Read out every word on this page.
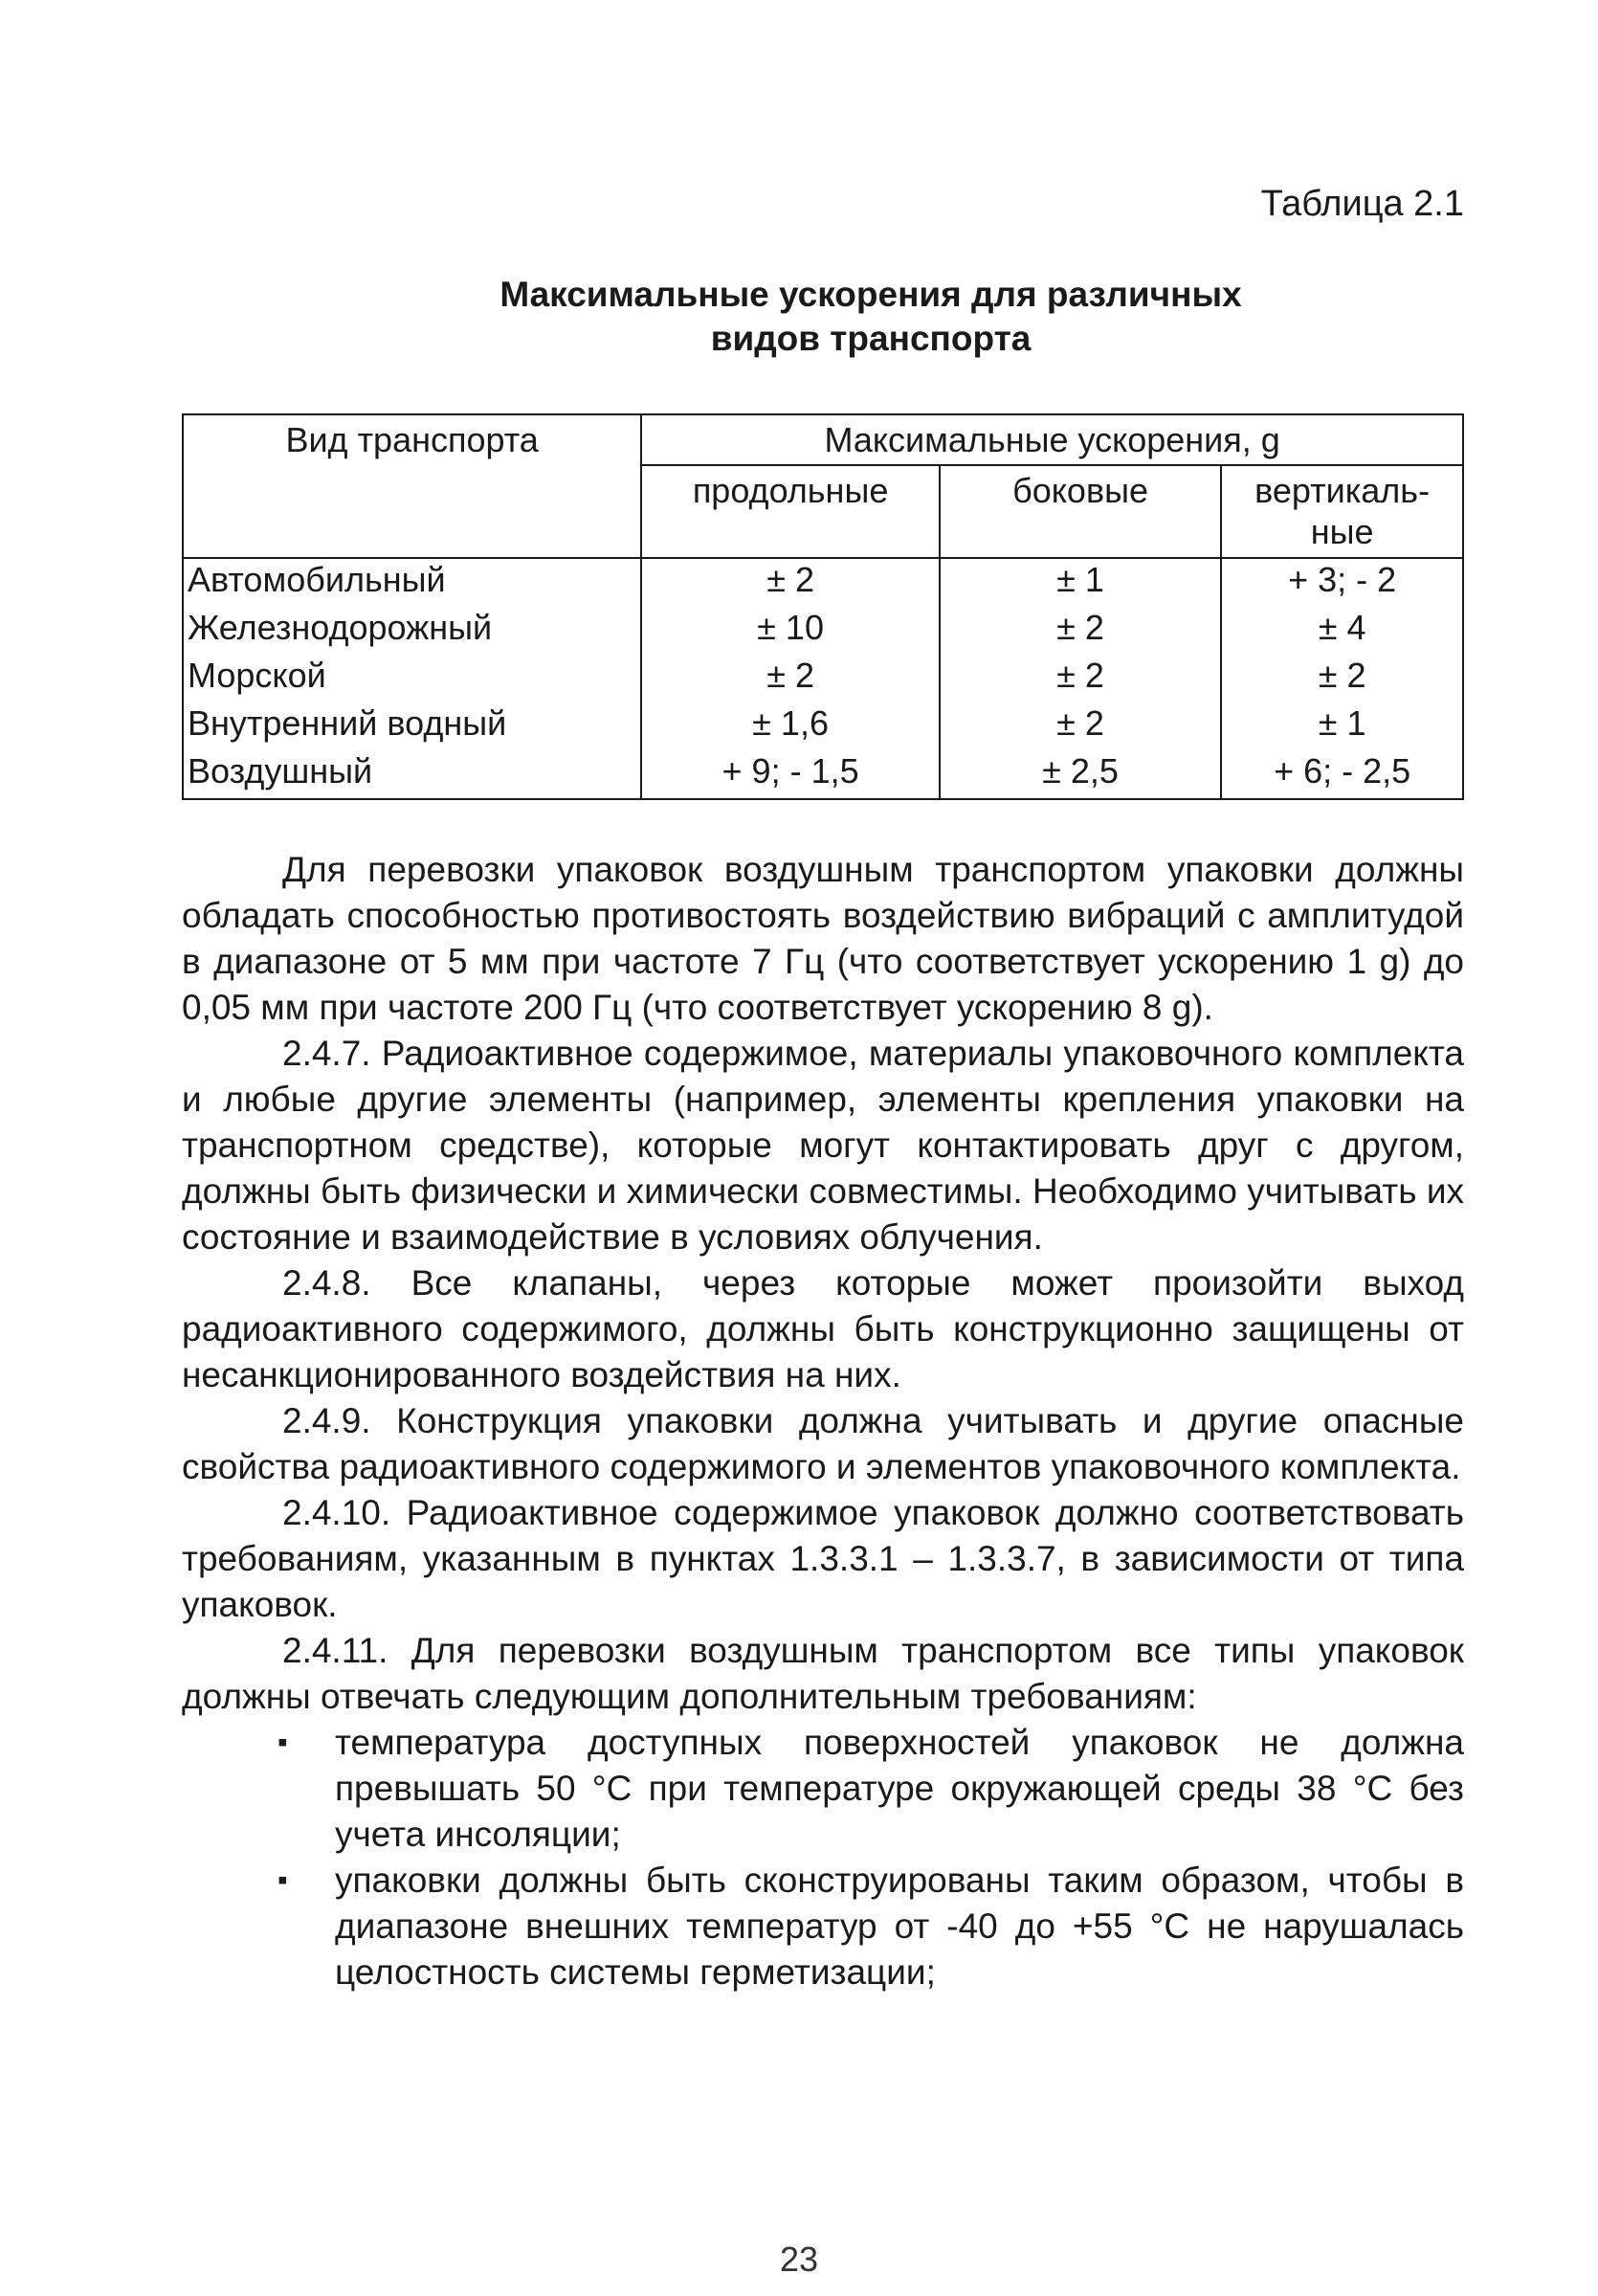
Таблица 2.1

Максимальные ускорения для различных
видов транспорта
Вид транспорта	Максимальные ускорения, g		
	продольные	боковые	вертикаль-ные
Автомобильный	± 2	± 1	+ 3; - 2
Железнодорожный	± 10	± 2	± 4
Морской	± 2	± 2	± 2
Внутренний водный	± 1,6	± 2	± 1
Воздушный	+ 9; - 1,5	± 2,5	+ 6; - 2,5

Для перевозки упаковок воздушным транспортом упаковки должны обладать способностью противостоять воздействию вибраций с амплитудой в диапазоне от 5 мм при частоте 7 Гц (что соответствует ускорению 1 g) до 0,05 мм при частоте 200 Гц (что соответствует ускорению 8 g).

2.4.7. Радиоактивное содержимое, материалы упаковочного комплекта и любые другие элементы (например, элементы крепления упаковки на транспортном средстве), которые могут контактировать друг с другом, должны быть физически и химически совместимы. Необходимо учитывать их состояние и взаимодействие в условиях облучения.

2.4.8. Все клапаны, через которые может произойти выход радиоактивного содержимого, должны быть конструкционно защищены от несанкционированного воздействия на них.

2.4.9. Конструкция упаковки должна учитывать и другие опасные свойства радиоактивного содержимого и элементов упаковочного комплекта.

2.4.10. Радиоактивное содержимое упаковок должно соответствовать требованиям, указанным в пунктах 1.3.3.1 – 1.3.3.7, в зависимости от типа упаковок.

2.4.11. Для перевозки воздушным транспортом все типы упаковок должны отвечать следующим дополнительным требованиям:

▪ температура доступных поверхностей упаковок не должна превышать 50 °С при температуре окружающей среды 38 °С без учета инсоляции;
▪ упаковки должны быть сконструированы таким образом, чтобы в диапазоне внешних температур от -40 до +55 °С не нарушалась целостность системы герметизации;
23
